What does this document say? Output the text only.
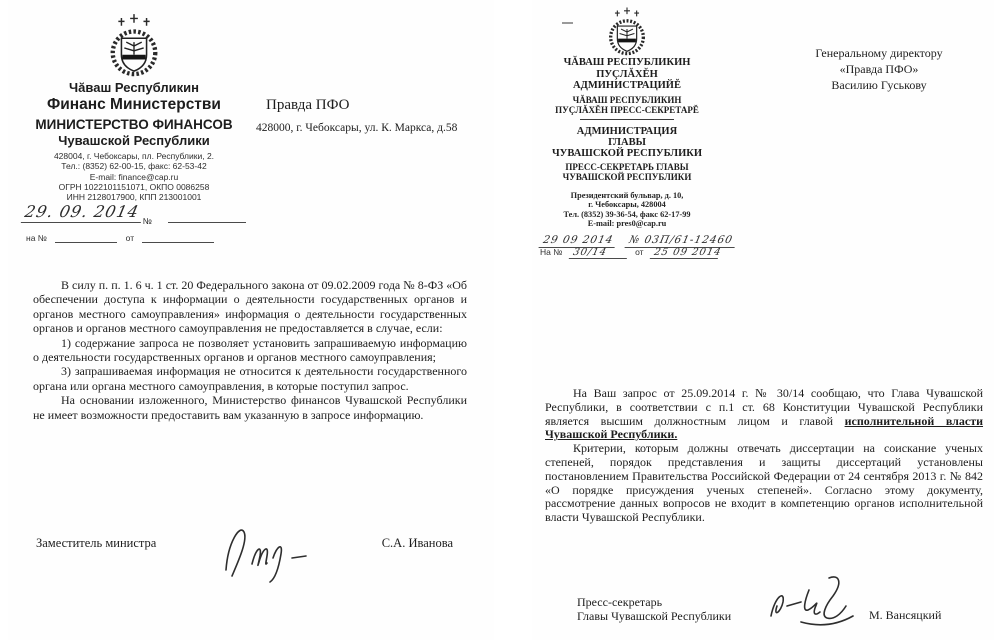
Чăваш Республикин
Финанс Министерстви
МИНИСТЕРСТВО ФИНАНСОВ
Чувашской Республики
428004, г. Чебоксары, пл. Республики, 2.
Тел.: (8352) 62-00-15, факс: 62-53-42
E-mail: finance@cap.ru
ОГРН 1022101151071, ОКПО 0086258
ИНН 2128017900, КПП 213001001
29. 09. 2014 $_№$
на №	от
Правда ПФО
428000, г. Чебоксары, ул. К. Маркса, д.58

В силу п. п. 1. 6 ч. 1 ст. 20 Федерального закона от 09.02.2009 года № 8-ФЗ «Об обеспечении доступа к информации о деятельности государственных органов и органов местного самоуправления» информация о деятельности государственных органов и органов местного самоуправления не предоставляется в случае, если:

1) содержание запроса не позволяет установить запрашиваемую информацию о деятельности государственных органов и органов местного самоуправления;

3) запрашиваемая информация не относится к деятельности государственного органа или органа местного самоуправления, в которые поступил запрос.

На основании изложенного, Министерство финансов Чувашской Республики не имеет возможности предоставить вам указанную в запросе информацию.

Заместитель министра	С.А. Иванова
ЧĂВАШ РЕСПУБЛИКИН
ПУÇЛĂХĔН
АДМИНИСТРАЦИЙĔ
ЧĂВАШ РЕСПУБЛИКИН
ПУÇЛĂХĔН ПРЕСС-СЕКРЕТАРĔ
АДМИНИСТРАЦИЯ
ГЛАВЫ
ЧУВАШСКОЙ РЕСПУБЛИКИ
ПРЕСС-СЕКРЕТАРЬ ГЛАВЫ
ЧУВАШСКОЙ РЕСПУБЛИКИ
Президентский бульвар, д. 10,
г. Чебоксары, 428004
Тел. (8352) 39-36-54, факс 62-17-99
E-mail: pres0@cap.ru
29 09 2014 № 03П/61-12460
На № 30/14	от 25 09 2014
Генеральному директору
«Правда ПФО»
Василию Гуськову

На Ваш запрос от 25.09.2014 г. № 30/14 сообщаю, что Глава Чувашской Республики, в соответствии с п.1 ст. 68 Конституции Чувашской Республики является высшим должностным лицом и главой исполнительной власти Чувашской Республики.

Критерии, которым должны отвечать диссертации на соискание ученых степеней, порядок представления и защиты диссертаций установлены постановлением Правительства Российской Федерации от 24 сентября 2013 г. № 842 «О порядке присуждения ученых степеней». Согласно этому документу, рассмотрение данных вопросов не входит в компетенцию органов исполнительной власти Чувашской Республики.

Пресс-секретарь
Главы Чувашской Республики	М. Вансяцкий
